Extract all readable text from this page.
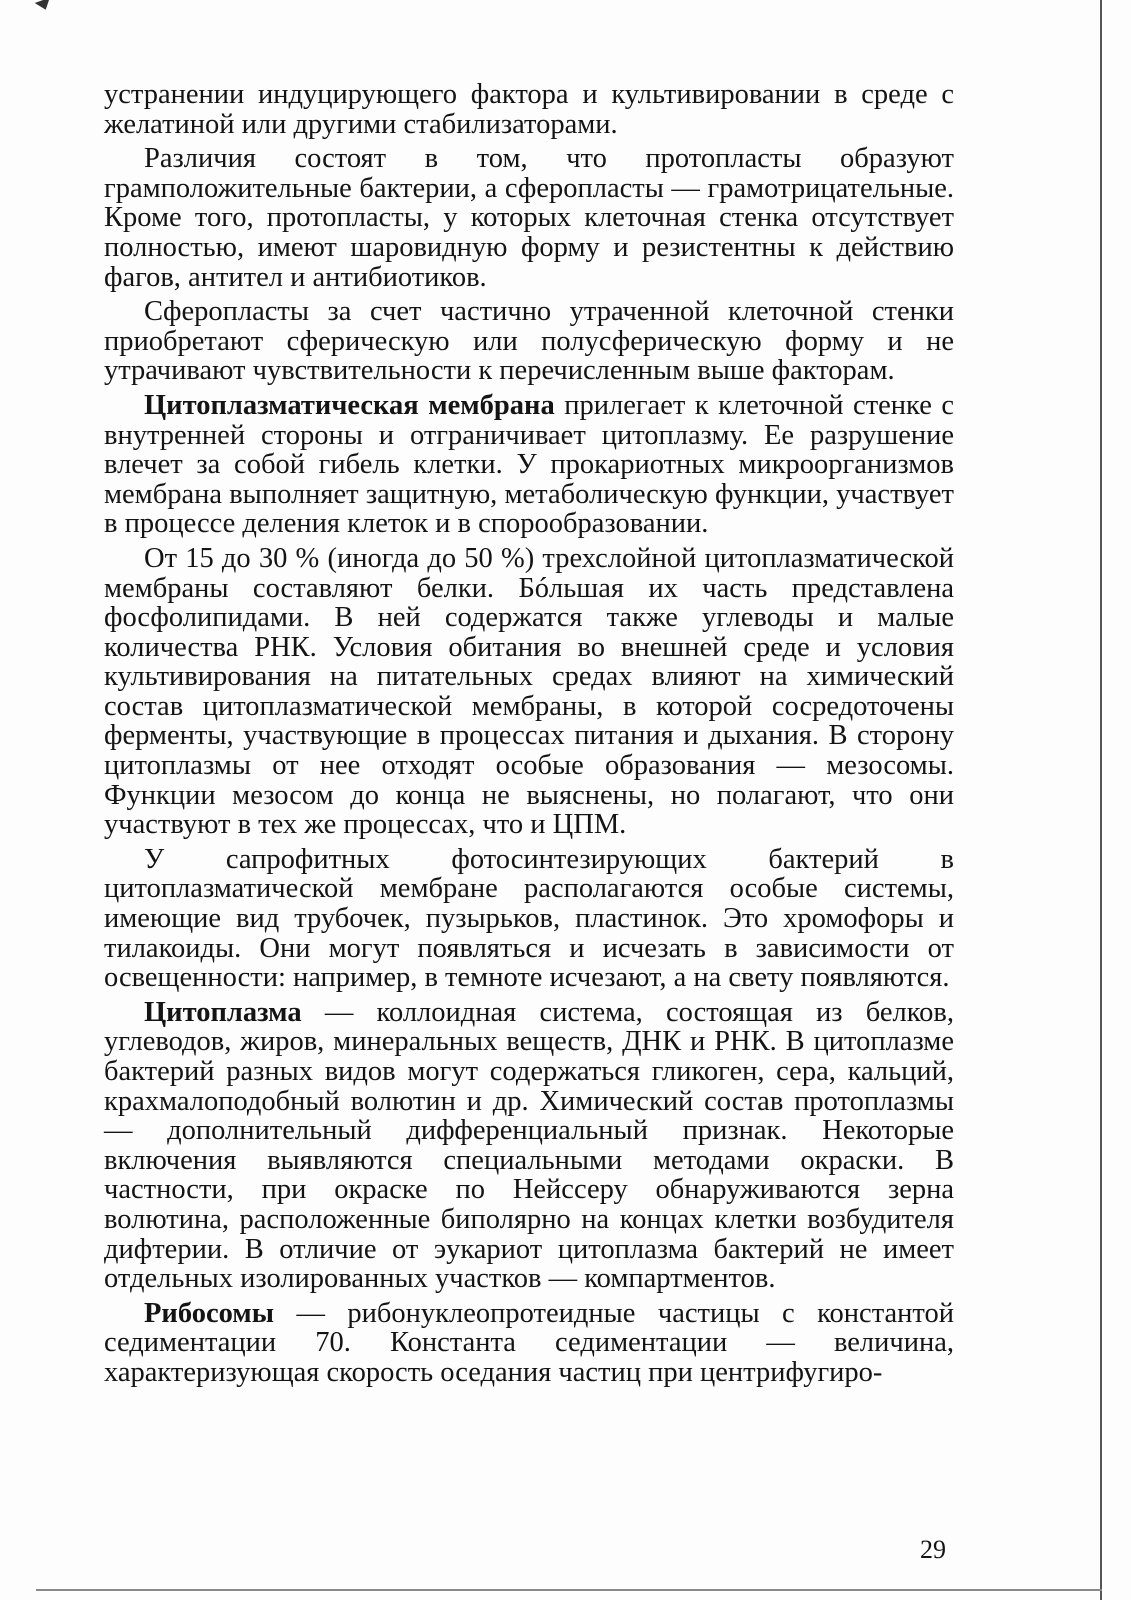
устранении индуцирующего фактора и культивировании в среде с желатиной или другими стабилизаторами.

Различия состоят в том, что протопласты образуют грамположительные бактерии, а сферопласты — грамотрицательные. Кроме того, протопласты, у которых клеточная стенка отсутствует полностью, имеют шаровидную форму и резистентны к действию фагов, антител и антибиотиков.

Сферопласты за счет частично утраченной клеточной стенки приобретают сферическую или полусферическую форму и не утрачивают чувствительности к перечисленным выше факторам.

Цитоплазматическая мембрана прилегает к клеточной стенке с внутренней стороны и отграничивает цитоплазму. Ее разрушение влечет за собой гибель клетки. У прокариотных микроорганизмов мембрана выполняет защитную, метаболическую функции, участвует в процессе деления клеток и в спорообразовании.

От 15 до 30 % (иногда до 50 %) трехслойной цитоплазматической мембраны составляют белки. Бóльшая их часть представлена фосфолипидами. В ней содержатся также углеводы и малые количества РНК. Условия обитания во внешней среде и условия культивирования на питательных средах влияют на химический состав цитоплазматической мембраны, в которой сосредоточены ферменты, участвующие в процессах питания и дыхания. В сторону цитоплазмы от нее отходят особые образования — мезосомы. Функции мезосом до конца не выяснены, но полагают, что они участвуют в тех же процессах, что и ЦПМ.

У сапрофитных фотосинтезирующих бактерий в цитоплазматической мембране располагаются особые системы, имеющие вид трубочек, пузырьков, пластинок. Это хромофоры и тилакоиды. Они могут появляться и исчезать в зависимости от освещенности: например, в темноте исчезают, а на свету появляются.

Цитоплазма — коллоидная система, состоящая из белков, углеводов, жиров, минеральных веществ, ДНК и РНК. В цитоплазме бактерий разных видов могут содержаться гликоген, сера, кальций, крахмалоподобный волютин и др. Химический состав протоплазмы — дополнительный дифференциальный признак. Некоторые включения выявляются специальными методами окраски. В частности, при окраске по Нейссеру обнаруживаются зерна волютина, расположенные биполярно на концах клетки возбудителя дифтерии. В отличие от эукариот цитоплазма бактерий не имеет отдельных изолированных участков — компартментов.

Рибосомы — рибонуклеопротеидные частицы с константой седиментации 70. Константа седиментации — величина, характеризующая скорость оседания частиц при центрифугиро-

29
